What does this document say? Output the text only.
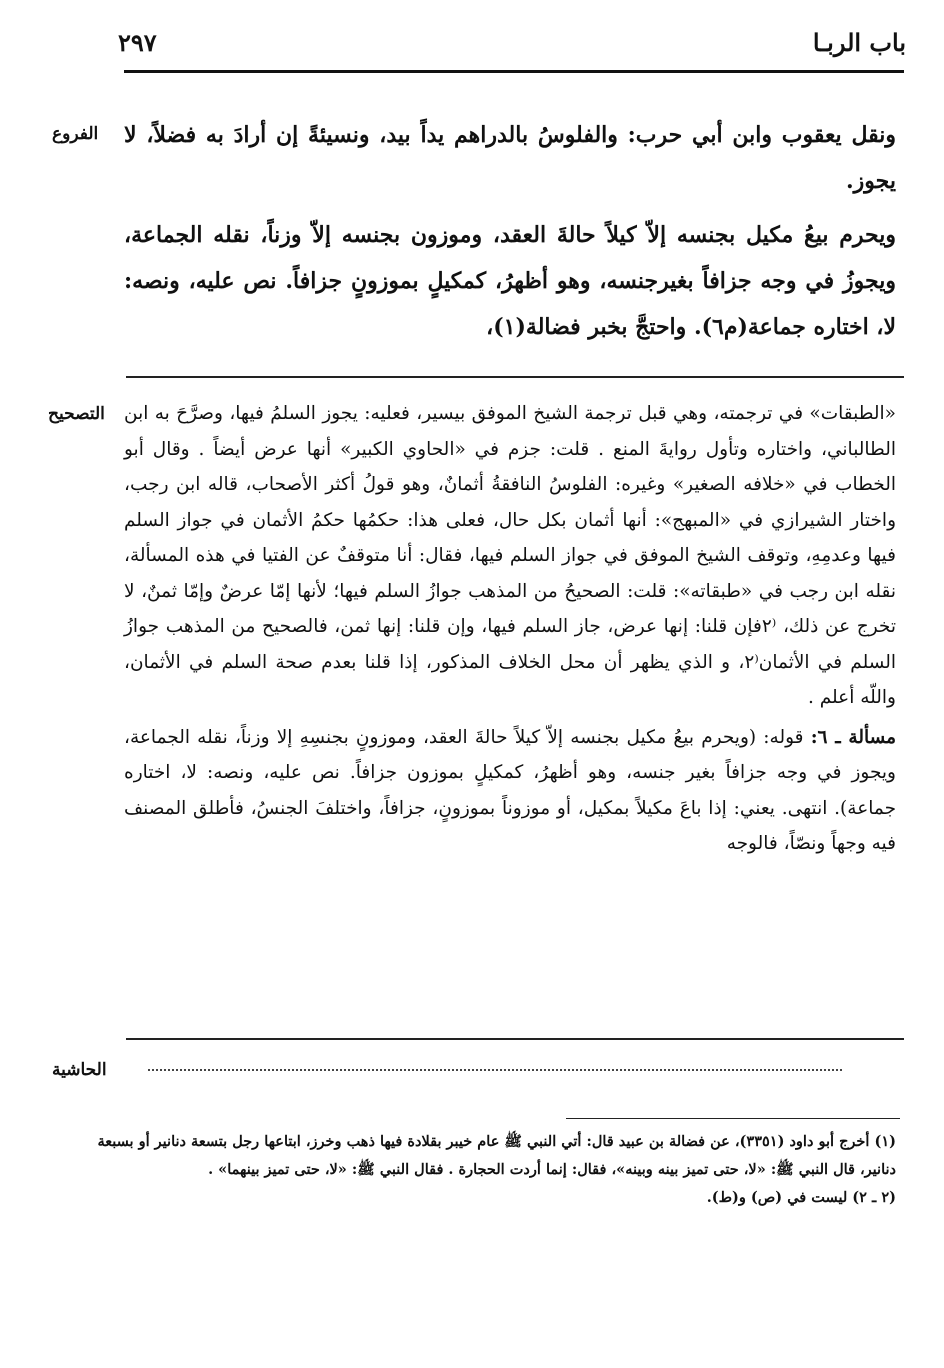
باب الربـا
٢٩٧
الفروع ونقل يعقوب وابن أبي حرب: والفلوسُ بالدراهم يداً بيد، ونسيئةً إن أرادَ به فضلاً، لا يجوز.

ويحرم بيعُ مكيل بجنسه إلاّ كيلاً حالةَ العقد، وموزون بجنسه إلاّ وزناً، نقله الجماعة، ويجوزُ في وجه جزافاً بغيرجنسه، وهو أظهرُ، كمكيلٍ بموزونٍ جزافاً. نص عليه، ونصه: لا، اختاره جماعة(م٦). واحتجَّ بخبر فضالة(١)،

التصحيح «الطبقات» في ترجمته، وهي قبل ترجمة الشيخ الموفق بيسير، فعليه: يجوز السلمُ فيها، وصرَّحَ به ابن الطالباني، واختاره وتأول روايةَ المنع . قلت: جزم في «الحاوي الكبير» أنها عرض أيضاً . وقال أبو الخطاب في «خلافه الصغير» وغيره: الفلوسُ النافقةُ أثمانٌ، وهو قولُ أكثر الأصحاب، قاله ابن رجب، واختار الشيرازي في «المبهج»: أنها أثمان بكل حال، فعلى هذا: حكمُها حكمُ الأثمان في جواز السلم فيها وعدمِهِ، وتوقف الشيخ الموفق في جواز السلم فيها، فقال: أنا متوقفٌ عن الفتيا في هذه المسألة، نقله ابن رجب في «طبقاته»: قلت: الصحيحُ من المذهب جوازُ السلم فيها؛ لأنها إمّا عرضٌ وإمّا ثمنٌ، لا تخرج عن ذلك، ⁽٢فإن قلنا: إنها عرض، جاز السلم فيها، وإن قلنا: إنها ثمن، فالصحيح من المذهب جوازُ السلم في الأثمان⁽٢، و الذي يظهر أن محل الخلاف المذكور، إذا قلنا بعدم صحة السلم في الأثمان، واللّه أعلم .

مسألة ـ ٦: قوله: (ويحرم بيعُ مكيل بجنسه إلاّ كيلاً حالةَ العقد، وموزونٍ بجنسِهِ إلا وزناً، نقله الجماعة، ويجوز في وجه جزافاً بغير جنسه، وهو أظهرُ، كمكيلٍ بموزون جزافاً. نص عليه، ونصه: لا، اختاره جماعة). انتهى. يعني: إذا باعَ مكيلاً بمكيل، أو موزوناً بموزونٍ، جزافاً، واختلفَ الجنسُ، فأطلق المصنف فيه وجهاً ونصّاً، فالوجه

الحاشية

(١) أخرج أبو داود (٣٣٥١)، عن فضالة بن عبيد قال: أتي النبي ﷺ عام خيبر بقلادة فيها ذهب وخرز، ابتاعها رجل بتسعة دنانير أو بسبعة دنانير، قال النبي ﷺ: «لا، حتى تميز بينه وبينه»، فقال: إنما أردت الحجارة . فقال النبي ﷺ: «لا، حتى تميز بينهما» .

(٢ ـ ٢) ليست في (ص) و(ط).
